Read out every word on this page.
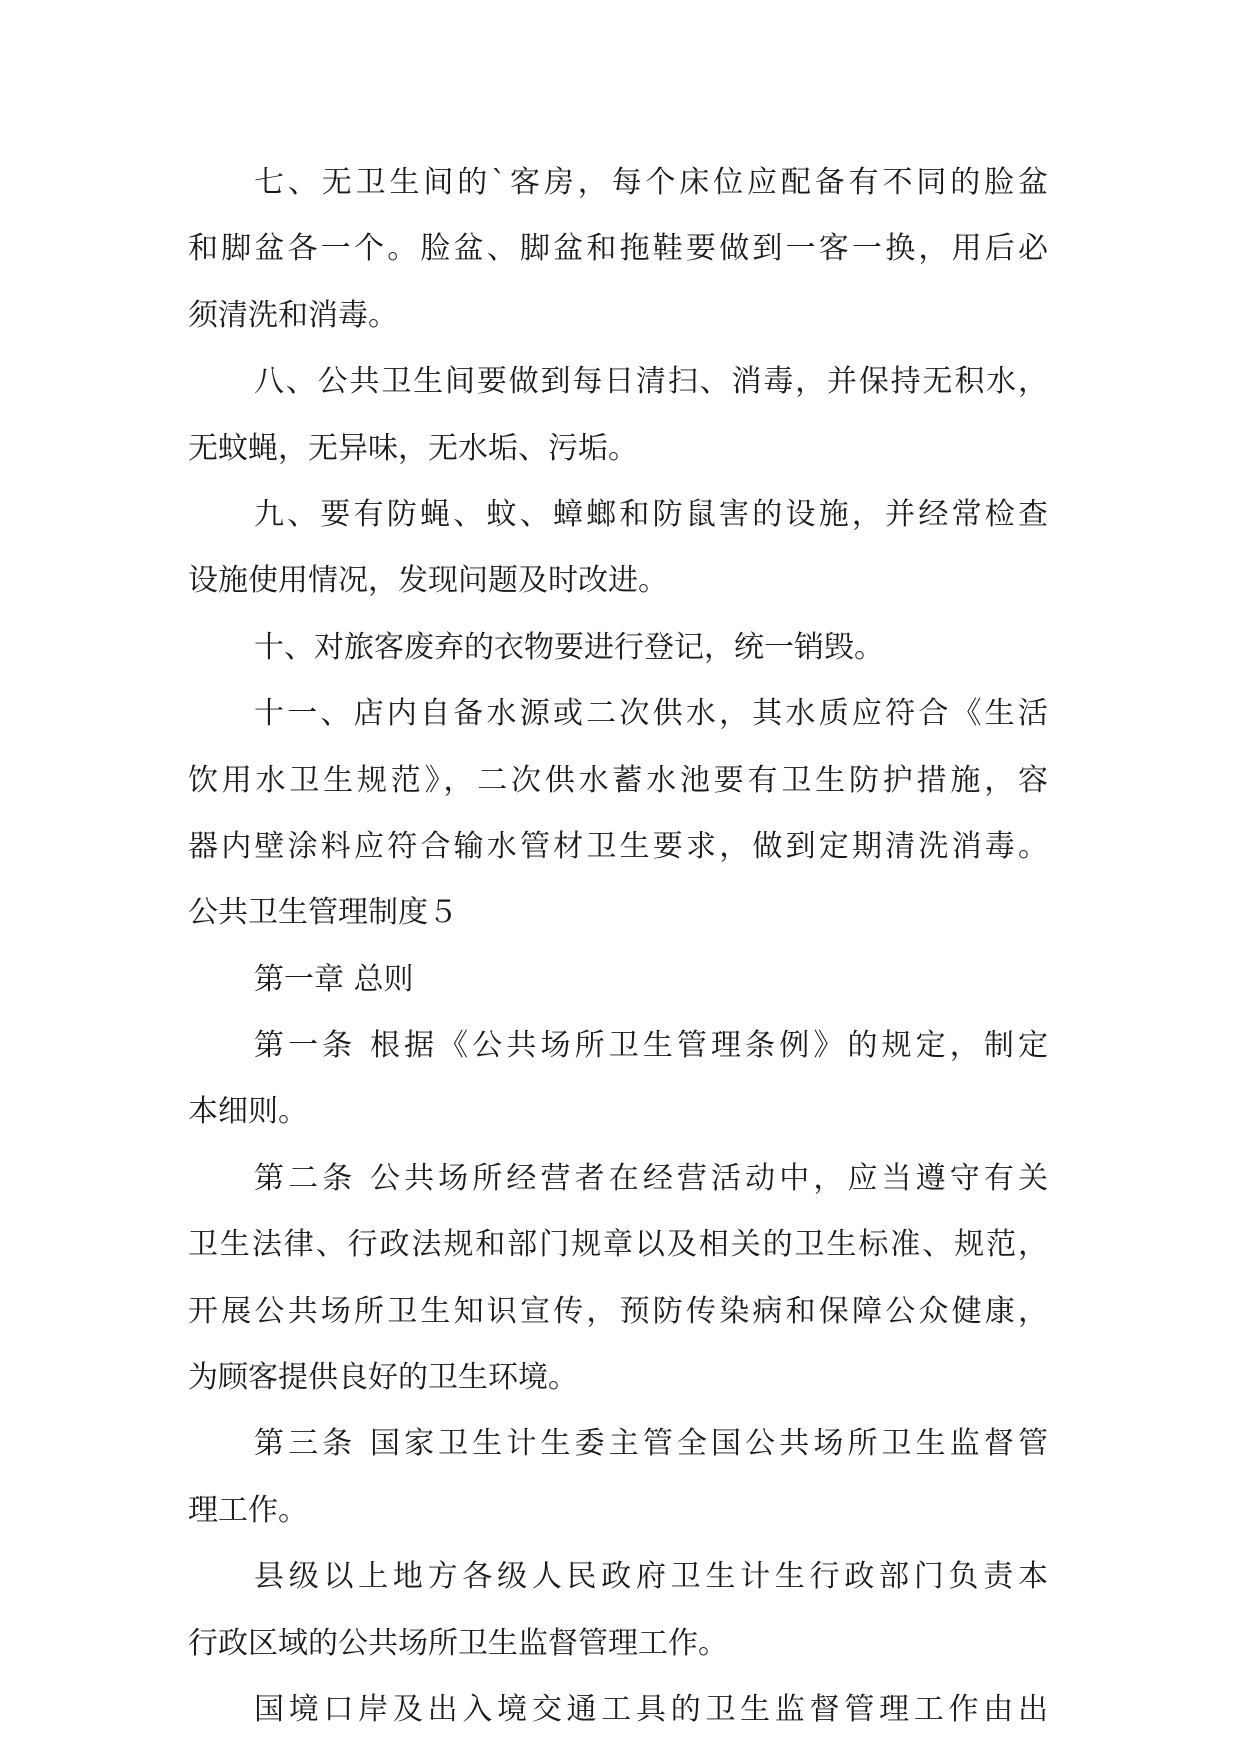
七、无卫生间的`客房，每个床位应配备有不同的脸盆
和脚盆各一个。脸盆、脚盆和拖鞋要做到一客一换，用后必
须清洗和消毒。
八、公共卫生间要做到每日清扫、消毒，并保持无积水，
无蚊蝇，无异味，无水垢、污垢。
九、要有防蝇、蚊、蟑螂和防鼠害的设施，并经常检查
设施使用情况，发现问题及时改进。
十、对旅客废弃的衣物要进行登记，统一销毁。
十一、店内自备水源或二次供水，其水质应符合《生活
饮用水卫生规范》，二次供水蓄水池要有卫生防护措施，容
器内壁涂料应符合输水管材卫生要求，做到定期清洗消毒。
公共卫生管理制度５
第一章 总则
第一条 根据《公共场所卫生管理条例》的规定，制定
本细则。
第二条 公共场所经营者在经营活动中，应当遵守有关
卫生法律、行政法规和部门规章以及相关的卫生标准、规范，
开展公共场所卫生知识宣传，预防传染病和保障公众健康，
为顾客提供良好的卫生环境。
第三条 国家卫生计生委主管全国公共场所卫生监督管
理工作。
县级以上地方各级人民政府卫生计生行政部门负责本
行政区域的公共场所卫生监督管理工作。
国境口岸及出入境交通工具的卫生监督管理工作由出
